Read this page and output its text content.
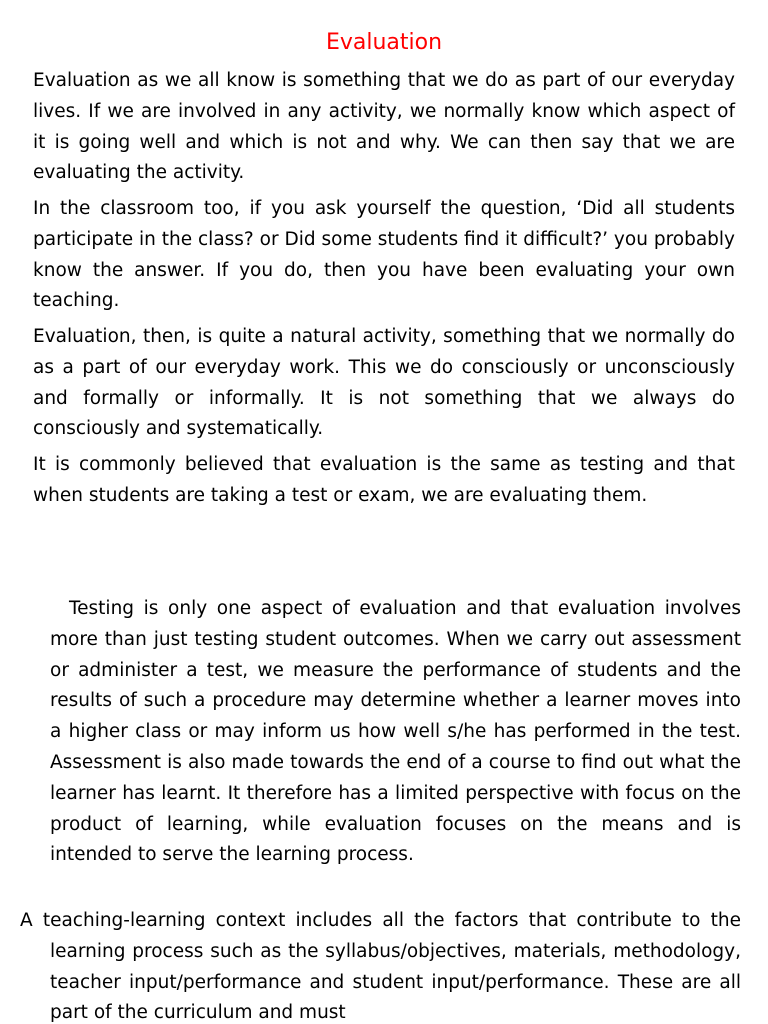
Evaluation

Evaluation as we all know is something that we do as part of our everyday lives. If we are involved in any activity, we normally know which aspect of it is going well and which is not and why. We can then say that we are evaluating the activity.

In the classroom too, if you ask yourself the question, ‘Did all students participate in the class? or Did some students find it difficult?’ you probably know the answer. If you do, then you have been evaluating your own teaching.

Evaluation, then, is quite a natural activity, something that we normally do as a part of our everyday work. This we do consciously or unconsciously and formally or informally. It is not something that we always do consciously and systematically.

It is commonly believed that evaluation is the same as testing and that when students are taking a test or exam, we are evaluating them.

Testing is only one aspect of evaluation and that evaluation involves more than just testing student outcomes. When we carry out assessment or administer a test, we measure the performance of students and the results of such a procedure may determine whether a learner moves into a higher class or may inform us how well s/he has performed in the test. Assessment is also made towards the end of a course to find out what the learner has learnt. It therefore has a limited perspective with focus on the product of learning, while evaluation focuses on the means and is intended to serve the learning process.

A teaching-learning context includes all the factors that contribute to the learning process such as the syllabus/objectives, materials, methodology, teacher input/performance and student input/performance. These are all part of the curriculum and must
